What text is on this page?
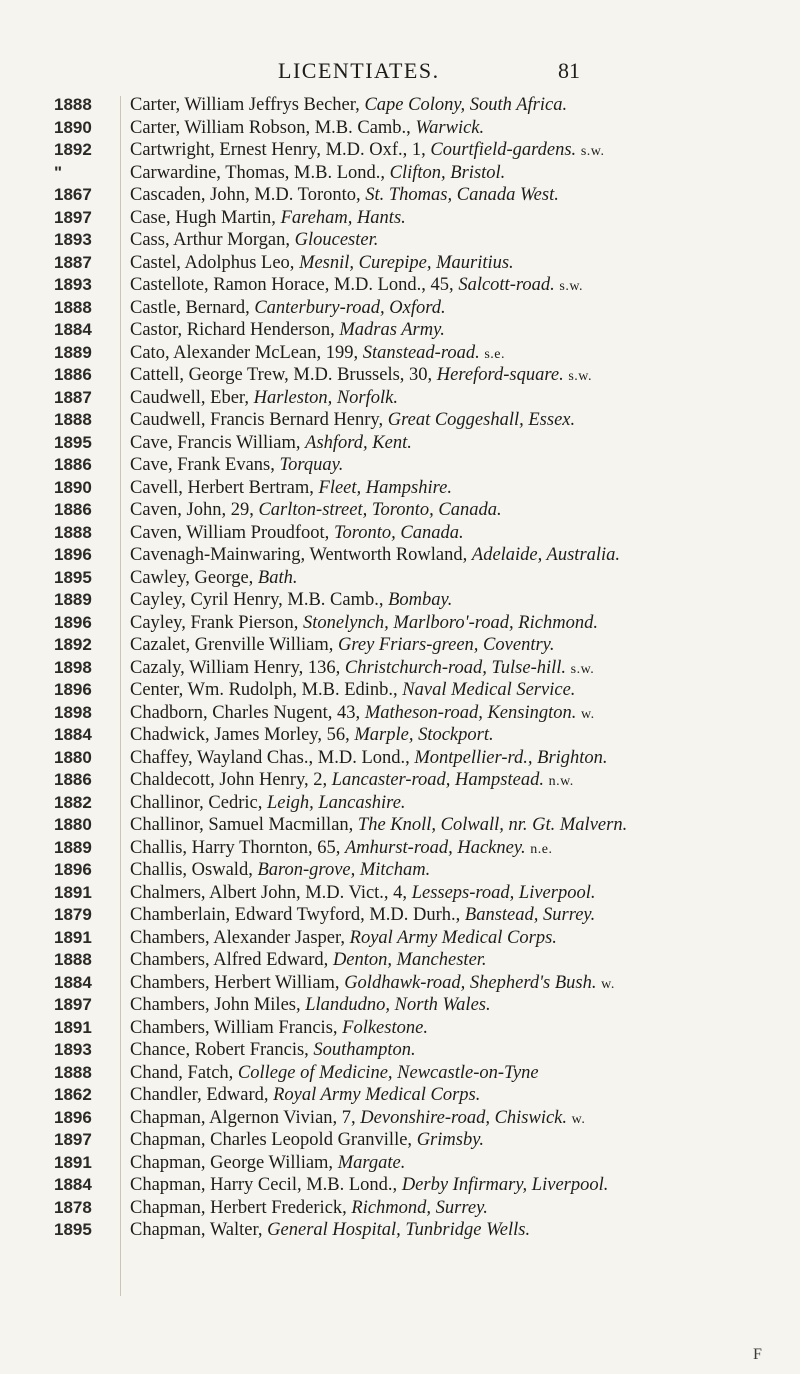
LICENTIATES.	81
1888	Carter, William Jeffrys Becher, Cape Colony, South Africa.
1890	Carter, William Robson, M.B. Camb., Warwick.
1892	Cartwright, Ernest Henry, M.D. Oxf., 1, Courtfield-gardens. s.w.
"	Carwardine, Thomas, M.B. Lond., Clifton, Bristol.
1867	Cascaden, John, M.D. Toronto, St. Thomas, Canada West.
1897	Case, Hugh Martin, Fareham, Hants.
1893	Cass, Arthur Morgan, Gloucester.
1887	Castel, Adolphus Leo, Mesnil, Curepipe, Mauritius.
1893	Castellote, Ramon Horace, M.D. Lond., 45, Salcott-road. s.w.
1888	Castle, Bernard, Canterbury-road, Oxford.
1884	Castor, Richard Henderson, Madras Army.
1889	Cato, Alexander McLean, 199, Stanstead-road. s.e.
1886	Cattell, George Trew, M.D. Brussels, 30, Hereford-square. s.w.
1887	Caudwell, Eber, Harleston, Norfolk.
1888	Caudwell, Francis Bernard Henry, Great Coggeshall, Essex.
1895	Cave, Francis William, Ashford, Kent.
1886	Cave, Frank Evans, Torquay.
1890	Cavell, Herbert Bertram, Fleet, Hampshire.
1886	Caven, John, 29, Carlton-street, Toronto, Canada.
1888	Caven, William Proudfoot, Toronto, Canada.
1896	Cavenagh-Mainwaring, Wentworth Rowland, Adelaide, Australia.
1895	Cawley, George, Bath.
1889	Cayley, Cyril Henry, M.B. Camb., Bombay.
1896	Cayley, Frank Pierson, Stonelynch, Marlboro'-road, Richmond.
1892	Cazalet, Grenville William, Grey Friars-green, Coventry.
1898	Cazaly, William Henry, 136, Christchurch-road, Tulse-hill. s.w.
1896	Center, Wm. Rudolph, M.B. Edinb., Naval Medical Service.
1898	Chadborn, Charles Nugent, 43, Matheson-road, Kensington. w.
1884	Chadwick, James Morley, 56, Marple, Stockport.
1880	Chaffey, Wayland Chas., M.D. Lond., Montpellier-rd., Brighton.
1886	Chaldecott, John Henry, 2, Lancaster-road, Hampstead. n.w.
1882	Challinor, Cedric, Leigh, Lancashire.
1880	Challinor, Samuel Macmillan, The Knoll, Colwall, nr. Gt. Malvern.
1889	Challis, Harry Thornton, 65, Amhurst-road, Hackney. n.e.
1896	Challis, Oswald, Baron-grove, Mitcham.
1891	Chalmers, Albert John, M.D. Vict., 4, Lesseps-road, Liverpool.
1879	Chamberlain, Edward Twyford, M.D. Durh., Banstead, Surrey.
1891	Chambers, Alexander Jasper, Royal Army Medical Corps.
1888	Chambers, Alfred Edward, Denton, Manchester.
1884	Chambers, Herbert William, Goldhawk-road, Shepherd's Bush. w.
1897	Chambers, John Miles, Llandudno, North Wales.
1891	Chambers, William Francis, Folkestone.
1893	Chance, Robert Francis, Southampton.
1888	Chand, Fatch, College of Medicine, Newcastle-on-Tyne
1862	Chandler, Edward, Royal Army Medical Corps.
1896	Chapman, Algernon Vivian, 7, Devonshire-road, Chiswick. w.
1897	Chapman, Charles Leopold Granville, Grimsby.
1891	Chapman, George William, Margate.
1884	Chapman, Harry Cecil, M.B. Lond., Derby Infirmary, Liverpool.
1878	Chapman, Herbert Frederick, Richmond, Surrey.
1895	Chapman, Walter, General Hospital, Tunbridge Wells.
F
